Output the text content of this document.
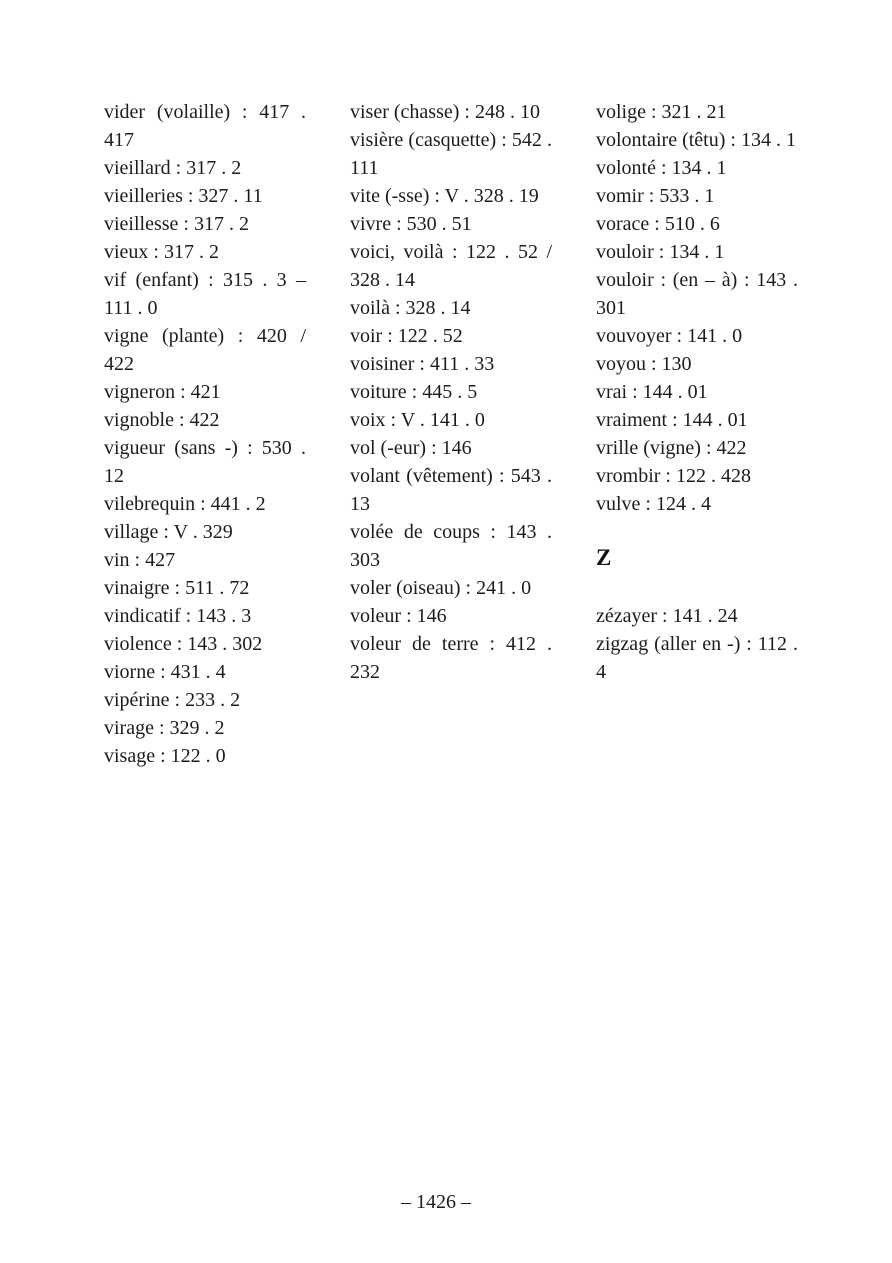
vider (volaille) : 417 . 417

vieillard : 317 . 2

vieilleries : 327 . 11

vieillesse : 317 . 2

vieux : 317 . 2

vif (enfant) : 315 . 3 – 111 . 0

vigne (plante) : 420 / 422

vigneron : 421

vignoble : 422

vigueur (sans -) : 530 . 12

vilebrequin : 441 . 2

village : V . 329

vin : 427

vinaigre : 511 . 72

vindicatif : 143 . 3

violence : 143 . 302

viorne : 431 . 4

vipérine : 233 . 2

virage : 329 . 2

visage : 122 . 0

viser (chasse) : 248 . 10

visière (casquette) : 542 . 111

vite (-sse) : V . 328 . 19

vivre : 530 . 51

voici, voilà : 122 . 52 / 328 . 14

voilà : 328 . 14

voir : 122 . 52

voisiner : 411 . 33

voiture : 445 . 5

voix : V . 141 . 0

vol (-eur) : 146

volant (vêtement) : 543 . 13

volée de coups : 143 . 303

voler (oiseau) : 241 . 0

voleur : 146

voleur de terre : 412 . 232

volige : 321 . 21

volontaire (têtu) : 134 . 1

volonté : 134 . 1

vomir : 533 . 1

vorace : 510 . 6

vouloir : 134 . 1

vouloir : (en – à) : 143 . 301

vouvoyer : 141 . 0

voyou : 130

vrai : 144 . 01

vraiment : 144 . 01

vrille (vigne) : 422

vrombir : 122 . 428

vulve : 124 . 4

Z

zézayer : 141 . 24

zigzag (aller en -) : 112 . 4

– 1426 –
